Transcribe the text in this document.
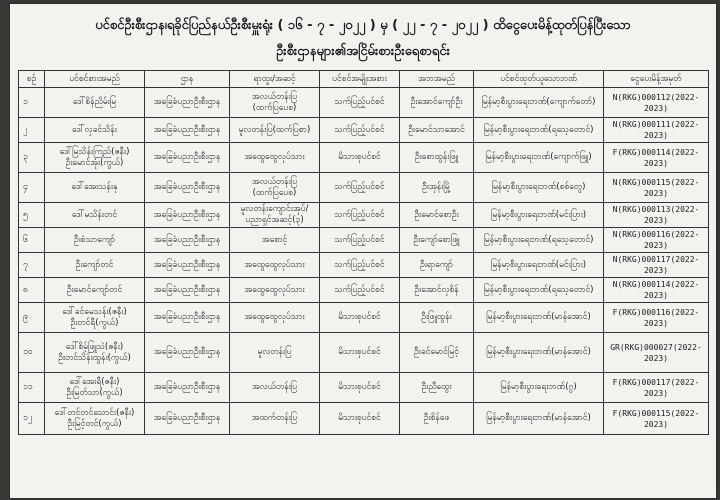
ပင်စင်ဦးစီးဌာန၊ရခိုင်ပြည်နယ်ဦးစီးမှူးရုံး ( ၁၆ - ၇ - ၂၀၂၂ ) မှ ( ၂၂ - ၇ - ၂၀၂၂ ) ထိငွေပေးမိန့်ထုတ်ပြန်ပြီးသော
ဦးစီးဌာနများ၏အငြိမ်းစားဦးရေစာရင်း
စဉ်	ပင်စင်စားအမည်	ဌာန	ရာထူး/အဆင့်	ပင်စင်အမျိုးအစား	အဘအမည်	ပင်စင်ထုတ်ယူသောဘဏ်	ငွေပေးမိန့်အမှတ်
၁	ဒေါ်စိန်ညိမ်းမြ	အခြေခံပညာဦးစီးဌာန	အလယ်တန်းပြ
(ထက်ပြပေစ)	သက်ပြည့်ပင်စင်	ဦးအောင်ကျော်ဦး	မြန်မာ့စီးပွားရေးဘဏ်(ကျောက်တော်)	N(RKG)000112(2022-2023)
၂	ဒေါ်လှခင်သိန်း	အခြေခံပညာဦးစီးဌာန	မူလတန်းပြ(ထက်ပြစာ)	သက်ပြည့်ပင်စင်	ဦးမောင်သာအောင်	မြန်မာ့စီးပွားရေးဘဏ်(ရသေ့တောင်)	N(RKG)000111(2022-2023)
၃	ဒေါ်မြသိန်းကြည်(ဇနီး)
ဦးမောင်အုံး(ကွယ်)	အခြေခံပညာဦးစီးဌာန	အထွေထွေလုပ်သား	မိသားစုပင်စင်	ဦးစောထွန်းဖြူ	မြန်မာ့စီးပွားရေးဘဏ်(ကျောက်ဖြူ)	F(RKG)000114(2022-2023)
၄	ဒေါ်အေးသန်းနု	အခြေခံပညာဦးစီးဌာန	အလယ်တန်းပြ
(ထက်ပြပေစ)	သက်ပြည့်ပင်စင်	ဦးအုန်းမြို့	မြန်မာ့စီးပွားရေးဘဏ်(စစ်တွေ)	N(RKG)000115(2022-2023)
၅	ဒေါ်မသိန်းတင်	အခြေခံပညာဦးစီးဌာန	မူလတန်းကျောင်းအုပ်/
ပညာရှင်အဆင့်(၃)	သက်ပြည့်ပင်စင်	ဦးမောင်စောဦး	မြန်မာ့စီးပွားရေးဘဏ်(မင်းပြား)	N(RKG)000113(2022-2023)
၆	ဦးစံသာကျော်	အခြေခံပညာဦးစီးဌာန	အစောင့်	သက်ပြည့်ပင်စင်	ဦးကျော်စောဖြူ	မြန်မာ့စီးပွားရေးဘဏ်(ရသေ့တောင်)	N(RKG)000116(2022-2023)
၇	ဦးကျော်တင်	အခြေခံပညာဦးစီးဌာန	အထွေထွေလုပ်သား	သက်ပြည့်ပင်စင်	ဦးရာကျော်	မြန်မာ့စီးပွားရေးဘဏ်(မင်းပြား)	N(RKG)000117(2022-2023)
၈	ဦးမောင်ကျော်တင်	အခြေခံပညာဦးစီးဌာန	အထွေထွေလုပ်သား	သက်ပြည့်ပင်စင်	ဦးအောင်လှစိန်	မြန်မာ့စီးပွားရေးဘဏ်(ရသေ့တောင်)	N(RKG)000114(2022-2023)
၉	ဒေါ်ခင်မေသန်း(ဇနီး)
ဦးတင်ရီ(ကွယ်)	အခြေခံပညာဦးစီးဌာန	အထွေထွေလုပ်သား	မိသားစုပင်စင်	ဦးဖြူထွန်း	မြန်မာ့စီးပွားရေးဘဏ်(မာန်အောင်)	F(RKG)000116(2022-2023)
၁၀	ဒေါ်စိမ့်ဖြူသဲ(ဇနီး)
ဦးတင်သိန်းထွန်း(ကွယ်)	အခြေခံပညာဦးစီးဌာန	မူလတန်းပြ	မိသားစုပင်စင်	ဦးခင်မောင်မြင့်	မြန်မာ့စီးပွားရေးဘဏ်(မာန်အောင်)	GR(RKG)000027(2022-2023)
၁၁	ဒေါ်အေးရီ(ဇနီး)
ဦးမြတ်သာ(ကွယ်)	အခြေခံပညာဦးစီးဌာန	အလယ်တန်းပြ	မိသားစုပင်စင်	ဦးညီထွေး	မြန်မာ့စီးပွားရေးဘဏ်(ဂွ)	F(RKG)000117(2022-2023)
၁၂	ဒေါ်တင်တင်သောင်း(ဇနီး)
ဦးမြင့်တင်(ကွယ်)	အခြေခံပညာဦးစီးဌာန	အထက်တန်းပြ	မိသားစုပင်စင်	ဦးစိန်ဖေ	မြန်မာ့စီးပွားရေးဘဏ်(မာန်အောင်)	F(RKG)000115(2022-2023)
